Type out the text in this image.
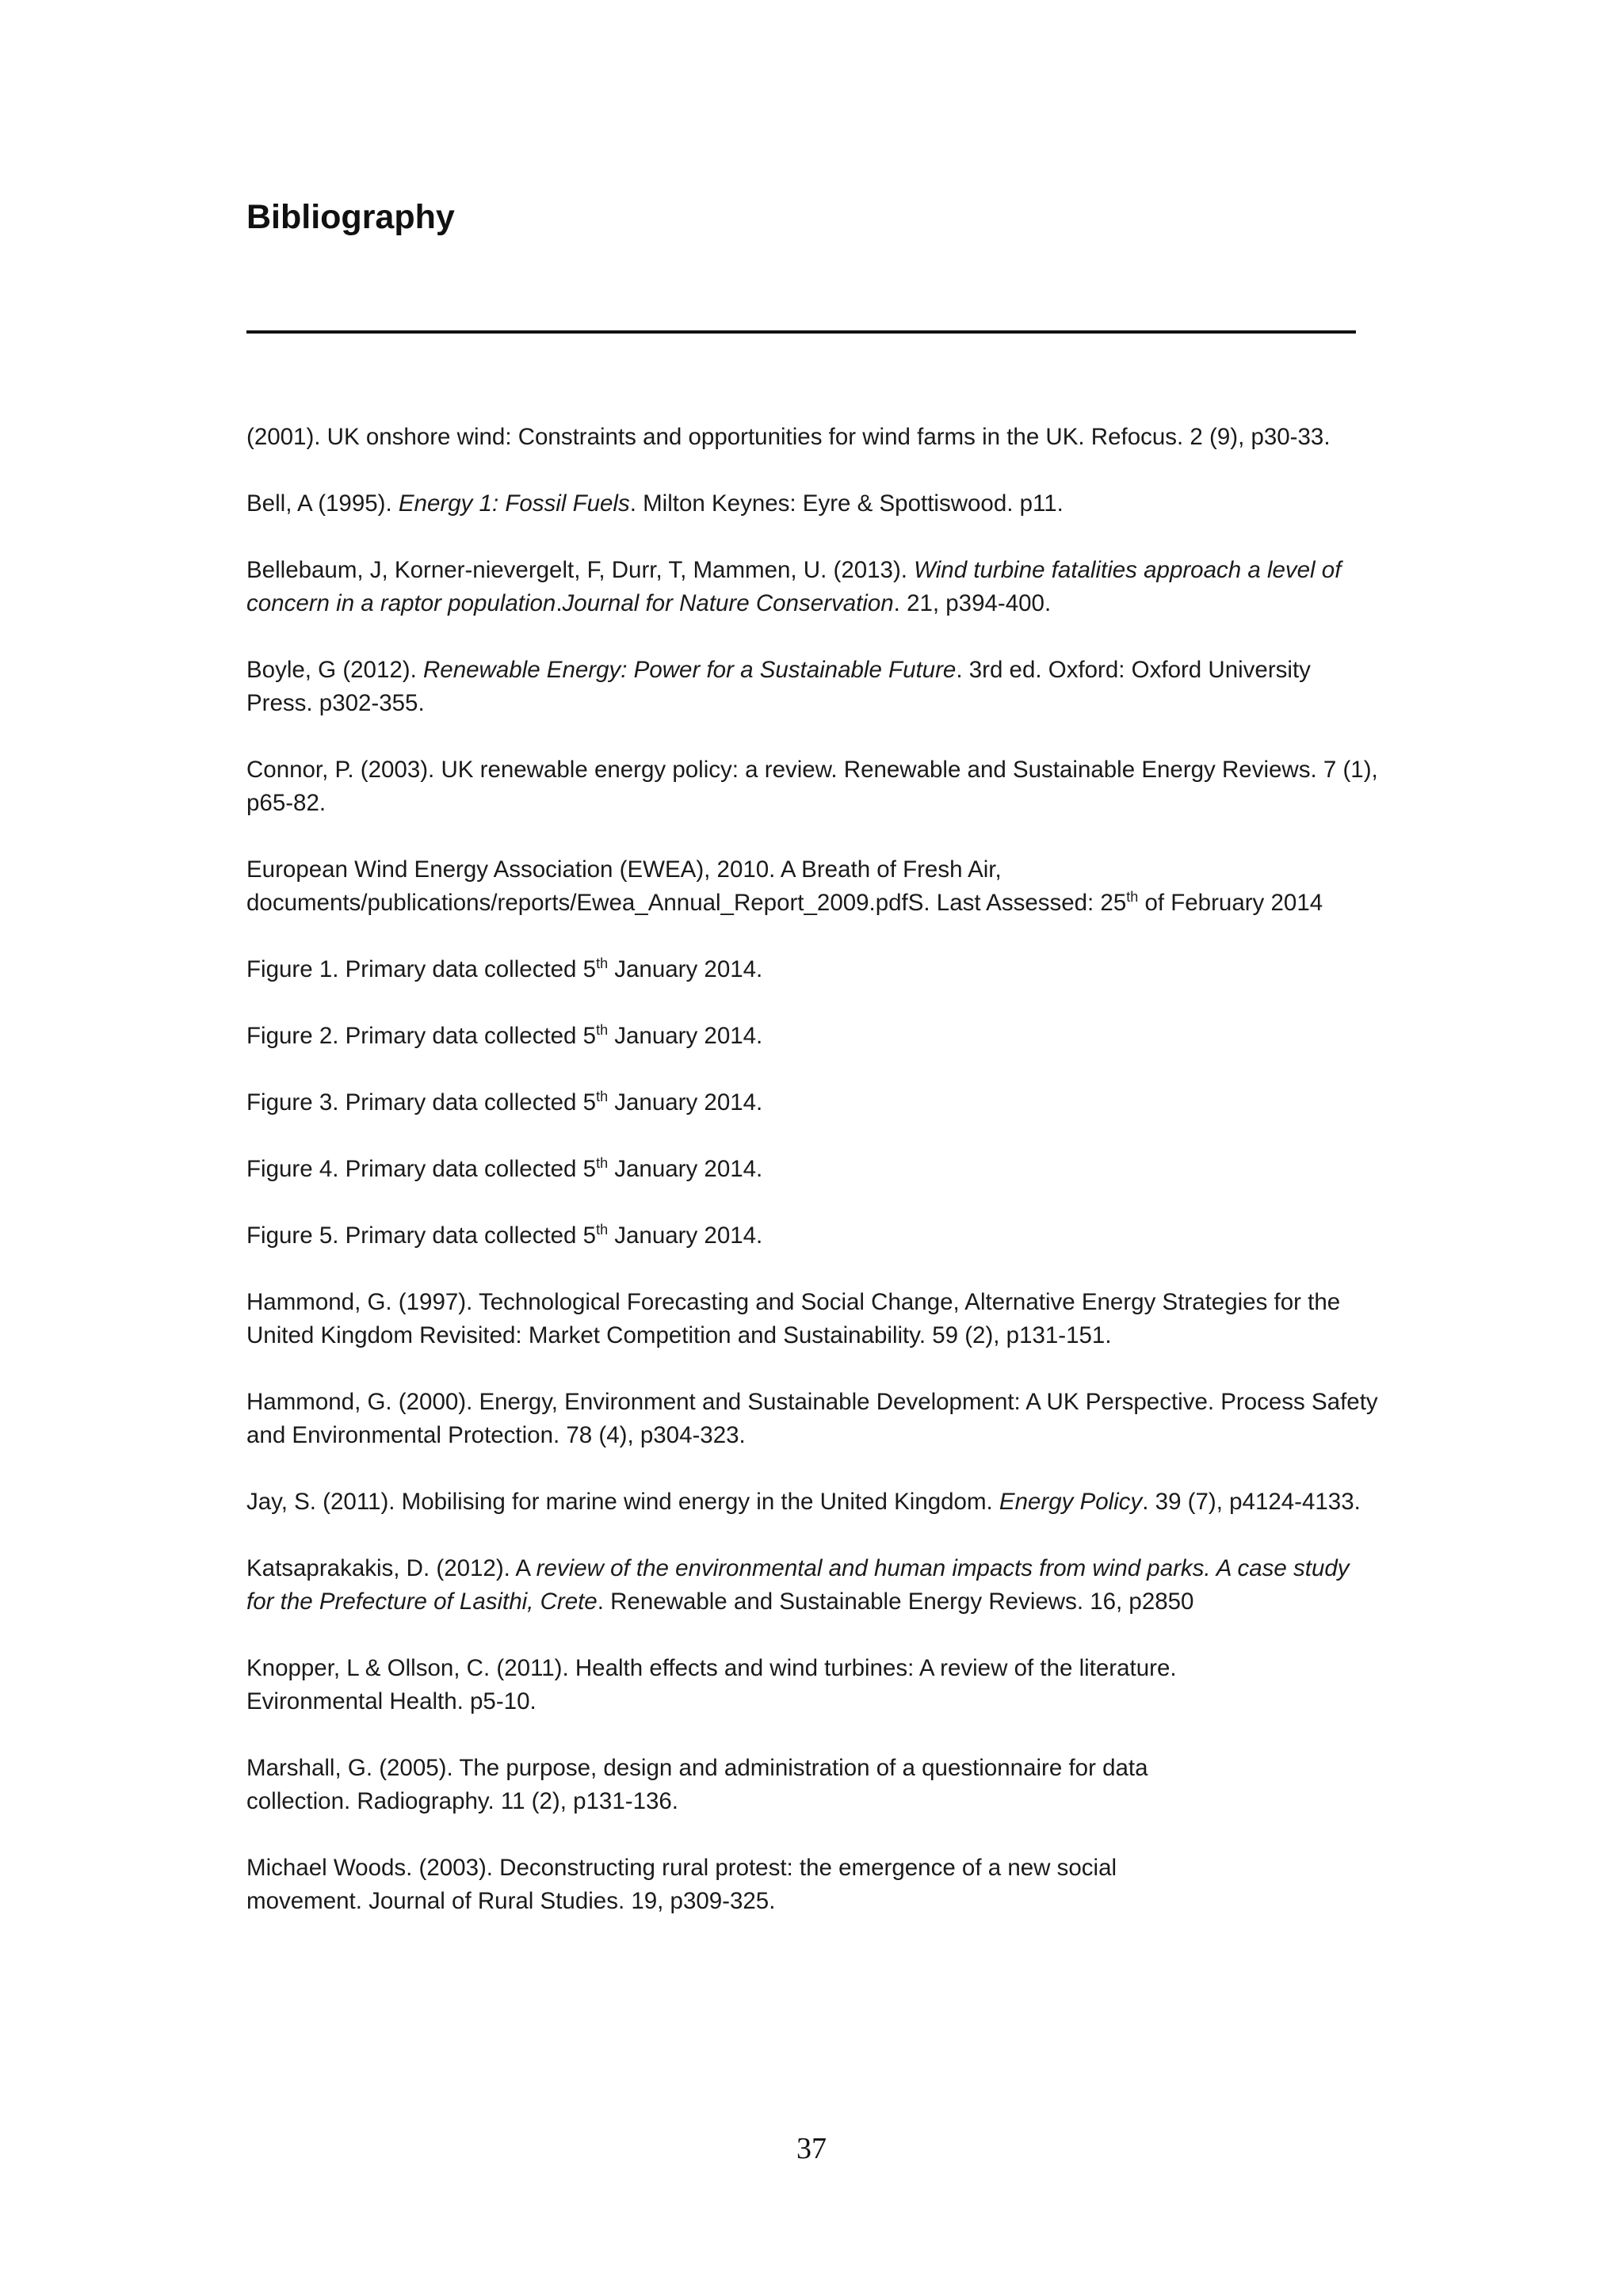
Bibliography
(2001). UK onshore wind: Constraints and opportunities for wind farms in the UK. Refocus. 2 (9), p30-33.
Bell, A (1995). Energy 1: Fossil Fuels. Milton Keynes: Eyre & Spottiswood. p11.
Bellebaum, J, Korner-nievergelt, F, Durr, T, Mammen, U. (2013). Wind turbine fatalities approach a level of concern in a raptor population.Journal for Nature Conservation. 21, p394-400.
Boyle, G (2012). Renewable Energy: Power for a Sustainable Future. 3rd ed. Oxford: Oxford University Press. p302-355.
Connor, P. (2003). UK renewable energy policy: a review. Renewable and Sustainable Energy Reviews. 7 (1), p65-82.
European Wind Energy Association (EWEA), 2010. A Breath of Fresh Air,
documents/publications/reports/Ewea_Annual_Report_2009.pdfS. Last Assessed: 25th of February 2014
Figure 1. Primary data collected 5th January 2014.
Figure 2. Primary data collected 5th January 2014.
Figure 3. Primary data collected 5th January 2014.
Figure 4. Primary data collected 5th January 2014.
Figure 5. Primary data collected 5th January 2014.
Hammond, G. (1997). Technological Forecasting and Social Change, Alternative Energy Strategies for the United Kingdom Revisited: Market Competition and Sustainability. 59 (2), p131-151.
Hammond, G. (2000). Energy, Environment and Sustainable Development: A UK Perspective. Process Safety and Environmental Protection. 78 (4), p304-323.
Jay, S. (2011). Mobilising for marine wind energy in the United Kingdom. Energy Policy. 39 (7), p4124-4133.
Katsaprakakis, D. (2012). A review of the environmental and human impacts from wind parks. A case study for the Prefecture of Lasithi, Crete. Renewable and Sustainable Energy Reviews. 16, p2850
Knopper, L & Ollson, C. (2011). Health effects and wind turbines: A review of the literature. Evironmental Health. p5-10.
Marshall, G. (2005). The purpose, design and administration of a questionnaire for data collection. Radiography. 11 (2), p131-136.
Michael Woods. (2003). Deconstructing rural protest: the emergence of a new social movement. Journal of Rural Studies. 19, p309-325.
37
